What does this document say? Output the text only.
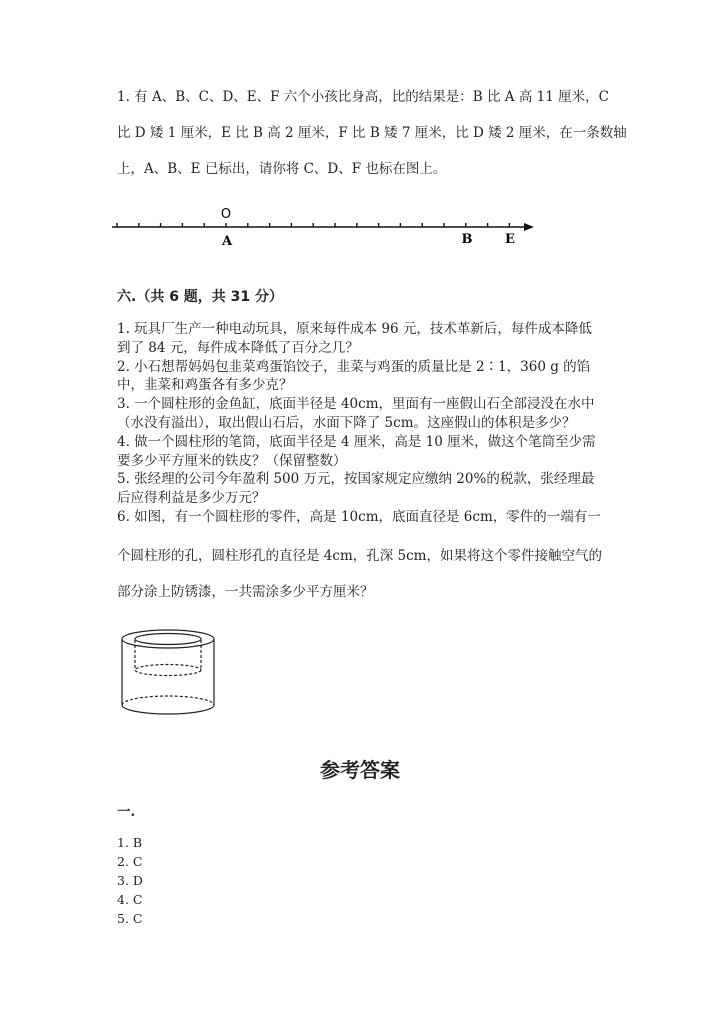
1. 有 A、B、C、D、E、F 六个小孩比身高，比的结果是：B 比 A 高 11 厘米，C
比 D 矮 1 厘米，E 比 B 高 2 厘米，F 比 B 矮 7 厘米，比 D 矮 2 厘米，在一条数轴
上，A、B、E 已标出，请你将 C、D、F 也标在图上。
O
A	B	E
六.（共 6 题，共 31 分）
1. 玩具厂生产一种电动玩具，原来每件成本 96 元，技术革新后，每件成本降低
到了 84 元，每件成本降低了百分之几？
2. 小石想帮妈妈包韭菜鸡蛋馅饺子，韭菜与鸡蛋的质量比是 2∶1，360 g 的馅
中，韭菜和鸡蛋各有多少克？
3. 一个圆柱形的金鱼缸，底面半径是 40cm，里面有一座假山石全部浸没在水中
（水没有溢出），取出假山石后，水面下降了 5cm。这座假山的体积是多少？
4. 做一个圆柱形的笔筒，底面半径是 4 厘米，高是 10 厘米，做这个笔筒至少需
要多少平方厘米的铁皮？（保留整数）
5. 张经理的公司今年盈利 500 万元，按国家规定应缴纳 20%的税款，张经理最
后应得利益是多少万元？
6. 如图，有一个圆柱形的零件，高是 10cm，底面直径是 6cm，零件的一端有一
个圆柱形的孔，圆柱形孔的直径是 4cm，孔深 5cm，如果将这个零件接触空气的
部分涂上防锈漆，一共需涂多少平方厘米？
参考答案
一.
1. B
2. C
3. D
4. C
5. C
